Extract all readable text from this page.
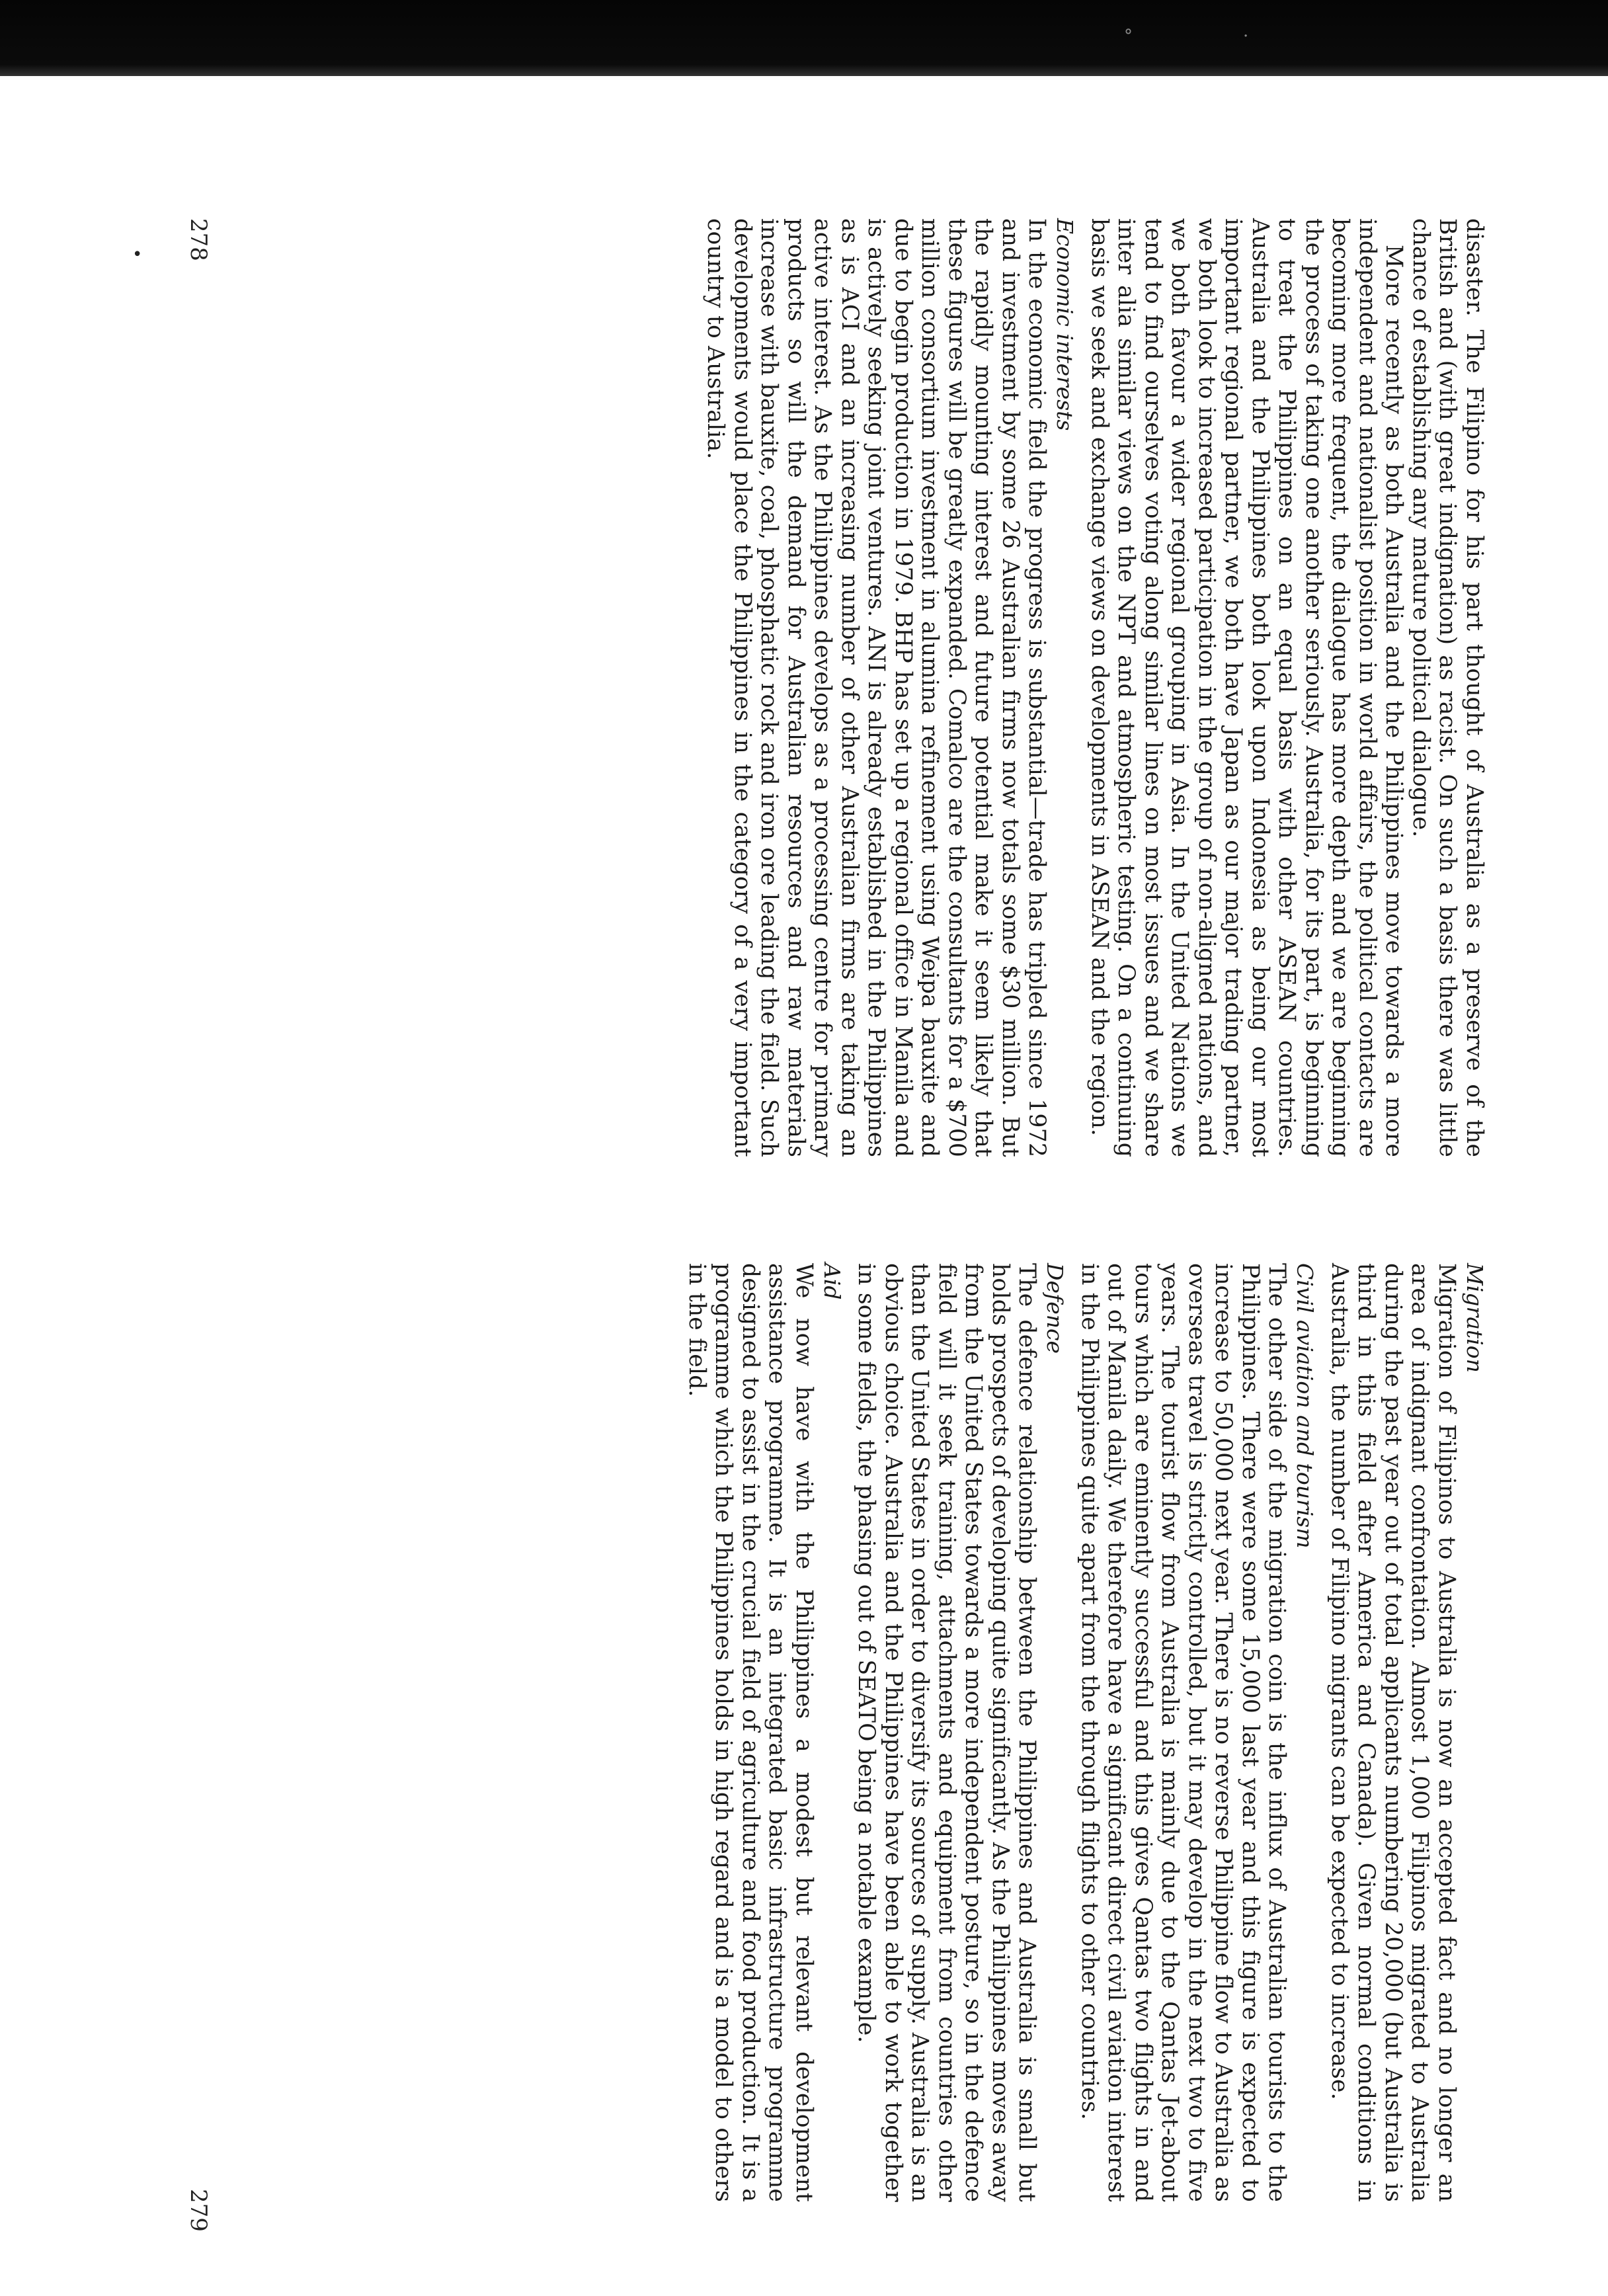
°	·
•	disaster. The Filipino for his part thought of Australia as a preserve of the British and (with great indignation) as racist. On such a basis there was little chance of establishing any mature political dialogue.

More recently as both Australia and the Philippines move towards a more independent and nationalist position in world affairs, the political contacts are becoming more frequent, the dialogue has more depth and we are beginning the process of taking one another seriously. Australia, for its part, is beginning to treat the Philippines on an equal basis with other ASEAN countries. Australia and the Philippines both look upon Indonesia as being our most important regional partner, we both have Japan as our major trading partner, we both look to increased participation in the group of non-aligned nations, and we both favour a wider regional grouping in Asia. In the United Nations we tend to find ourselves voting along similar lines on most issues and we share inter alia similar views on the NPT and atmospheric testing. On a continuing basis we seek and exchange views on developments in ASEAN and the region.

Economic interests

In the economic field the progress is substantial—trade has tripled since 1972 and investment by some 26 Australian firms now totals some $30 million. But the rapidly mounting interest and future potential make it seem likely that these figures will be greatly expanded. Comalco are the consultants for a $700 million consortium investment in alumina refinement using Weipa bauxite and due to begin production in 1979. BHP has set up a regional office in Manila and is actively seeking joint ventures. ANI is already established in the Philippines as is ACI and an increasing number of other Australian firms are taking an active interest. As the Philippines develops as a processing centre for primary products so will the demand for Australian resources and raw materials increase with bauxite, coal, phosphatic rock and iron ore leading the field. Such developments would place the Philippines in the category of a very important country to Australia.

278
Migration

Migration of Filipinos to Australia is now an accepted fact and no longer an area of indignant confrontation. Almost 1,000 Filipinos migrated to Australia during the past year out of total applicants numbering 20,000 (but Australia is third in this field after America and Canada). Given normal conditions in Australia, the number of Filipino migrants can be expected to increase.

Civil aviation and tourism

The other side of the migration coin is the influx of Australian tourists to the Philippines. There were some 15,000 last year and this figure is expected to increase to 50,000 next year. There is no reverse Philippine flow to Australia as overseas travel is strictly controlled, but it may develop in the next two to five years. The tourist flow from Australia is mainly due to the Qantas Jet-about tours which are eminently successful and this gives Qantas two flights in and out of Manila daily. We therefore have a significant direct civil aviation interest in the Philippines quite apart from the through flights to other countries.

Defence

The defence relationship between the Philippines and Australia is small but holds prospects of developing quite significantly. As the Philippines moves away from the United States towards a more independent posture, so in the defence field will it seek training, attachments and equipment from countries other than the United States in order to diversify its sources of supply. Australia is an obvious choice. Australia and the Philippines have been able to work together in some fields, the phasing out of SEATO being a notable example.

Aid

We now have with the Philippines a modest but relevant development assistance programme. It is an integrated basic infrastructure programme designed to assist in the crucial field of agriculture and food production. It is a programme which the Philippines holds in high regard and is a model to others in the field.

279
